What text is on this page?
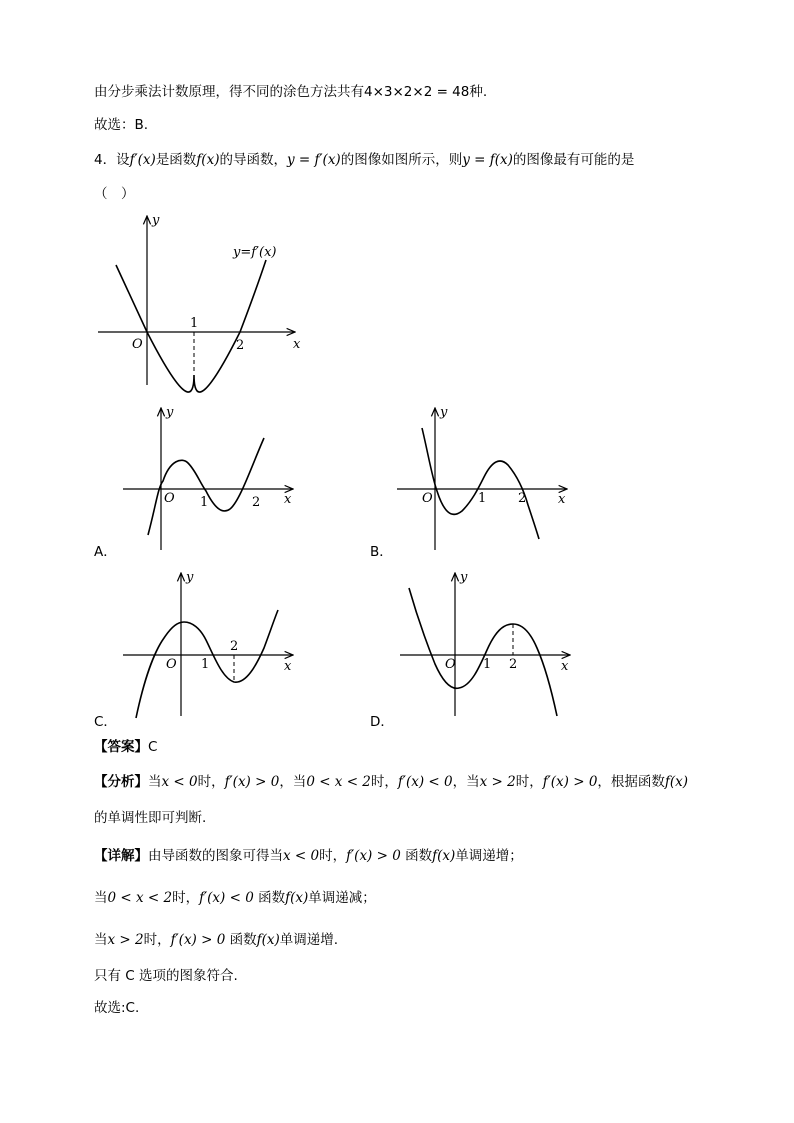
由分步乘法计数原理，得不同的涂色方法共有4×3×2×2 = 48种.
故选：B.
4．设f′(x)是函数f(x)的导函数，y = f′(x)的图像如图所示，则y = f(x)的图像最有可能的是
（　）
y=f′(x)
y
x
O
1
2
y
x
O 1	2
A．
y
x
O	1 2
B．
y
x
O 1
2
C．
y
x
O 1 2
D．
【答案】C
【分析】当x < 0时，f′(x) > 0，当0 < x < 2时，f′(x) < 0，当x > 2时，f′(x) > 0，根据函数f(x)
的单调性即可判断.
【详解】由导函数的图象可得当x < 0时，f′(x) > 0 函数f(x)单调递增；
当0 < x < 2时，f′(x) < 0 函数f(x)单调递减；
当x > 2时，f′(x) > 0 函数f(x)单调递增.
只有 C 选项的图象符合.
故选:C.
